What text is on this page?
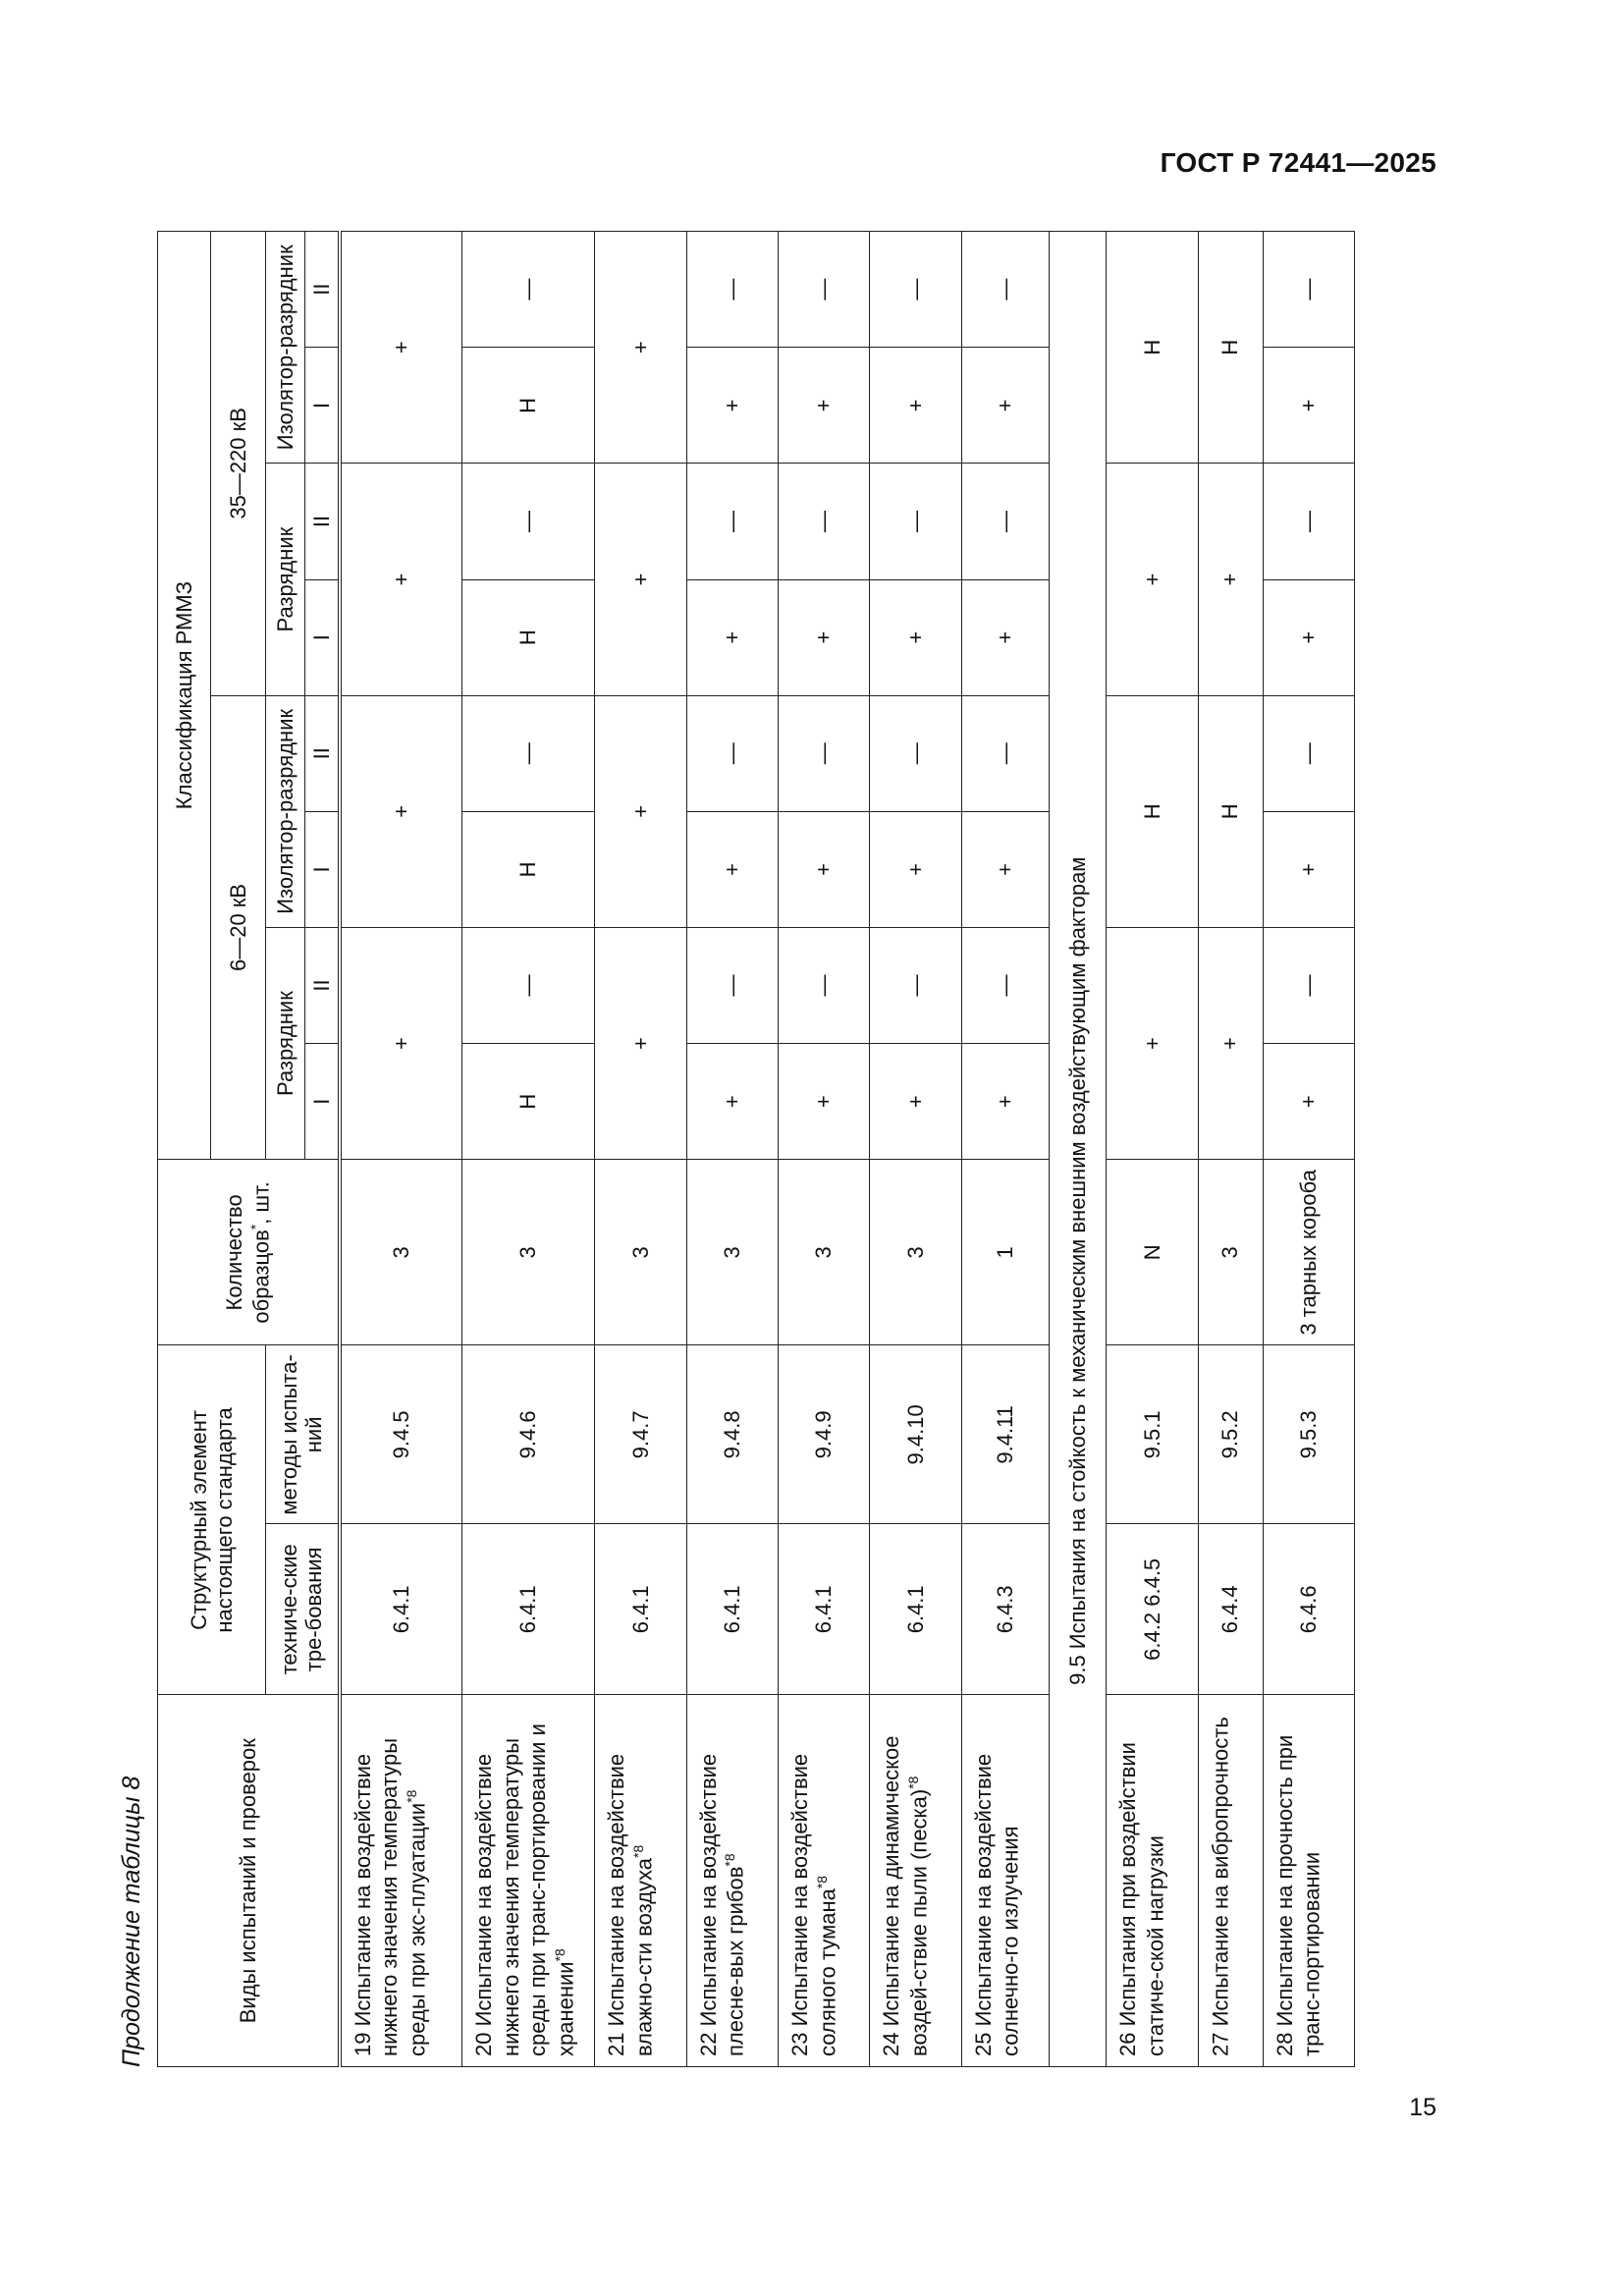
ГОСТ Р 72441—2025
Продолжение таблицы 8	Виды испытаний и проверок	Структурный элемент настоящего стандарта		Количество образцов*, шт.	Классификация РММЗ							
				6—20 кВ				35—220 кВ			
	техниче-ские тре-бования	методы испыта-ний		Разрядник		Изолятор-разрядник		Разрядник		Изолятор-разрядник	
				I	II	I	II	I	II	I	II
19 Испытание на воздействие нижнего значения температуры среды при экс-плуатации$^{*8}$	6.4.1	9.4.5	3	+		+		+		+	
20 Испытание на воздействие нижнего значения температуры среды при транс-портировании и хранении$^{*8}$	6.4.1	9.4.6	3	Н	—	Н	—	Н	—	Н	—
21 Испытание на воздействие влажно-сти воздуха$^{*8}$	6.4.1	9.4.7	3	+		+		+		+	
22 Испытание на воздействие плесне-вых грибов$^{*8}$	6.4.1	9.4.8	3	+	—	+	—	+	—	+	—
23 Испытание на воздействие соляного тумана$^{*8}$	6.4.1	9.4.9	3	+	—	+	—	+	—	+	—
24 Испытание на динамическое воздей-ствие пыли (песка)$^{*8}$	6.4.1	9.4.10	3	+	—	+	—	+	—	+	—
25 Испытание на воздействие солнечно-го излучения	6.4.3	9.4.11	1	+	—	+	—	+	—	+	—
	9.5 Испытания на стойкость к механическим внешним воздействующим факторам										
26 Испытания при воздействии статиче-ской нагрузки	6.4.2 6.4.5	9.5.1	N	+		Н		+		Н	
27 Испытание на вибропрочность	6.4.4	9.5.2	3	+		Н		+		Н	
28 Испытание на прочность при транс-портировании	6.4.6	9.5.3	3 тарных короба	+	—	+	—	+	—	+	—
15
